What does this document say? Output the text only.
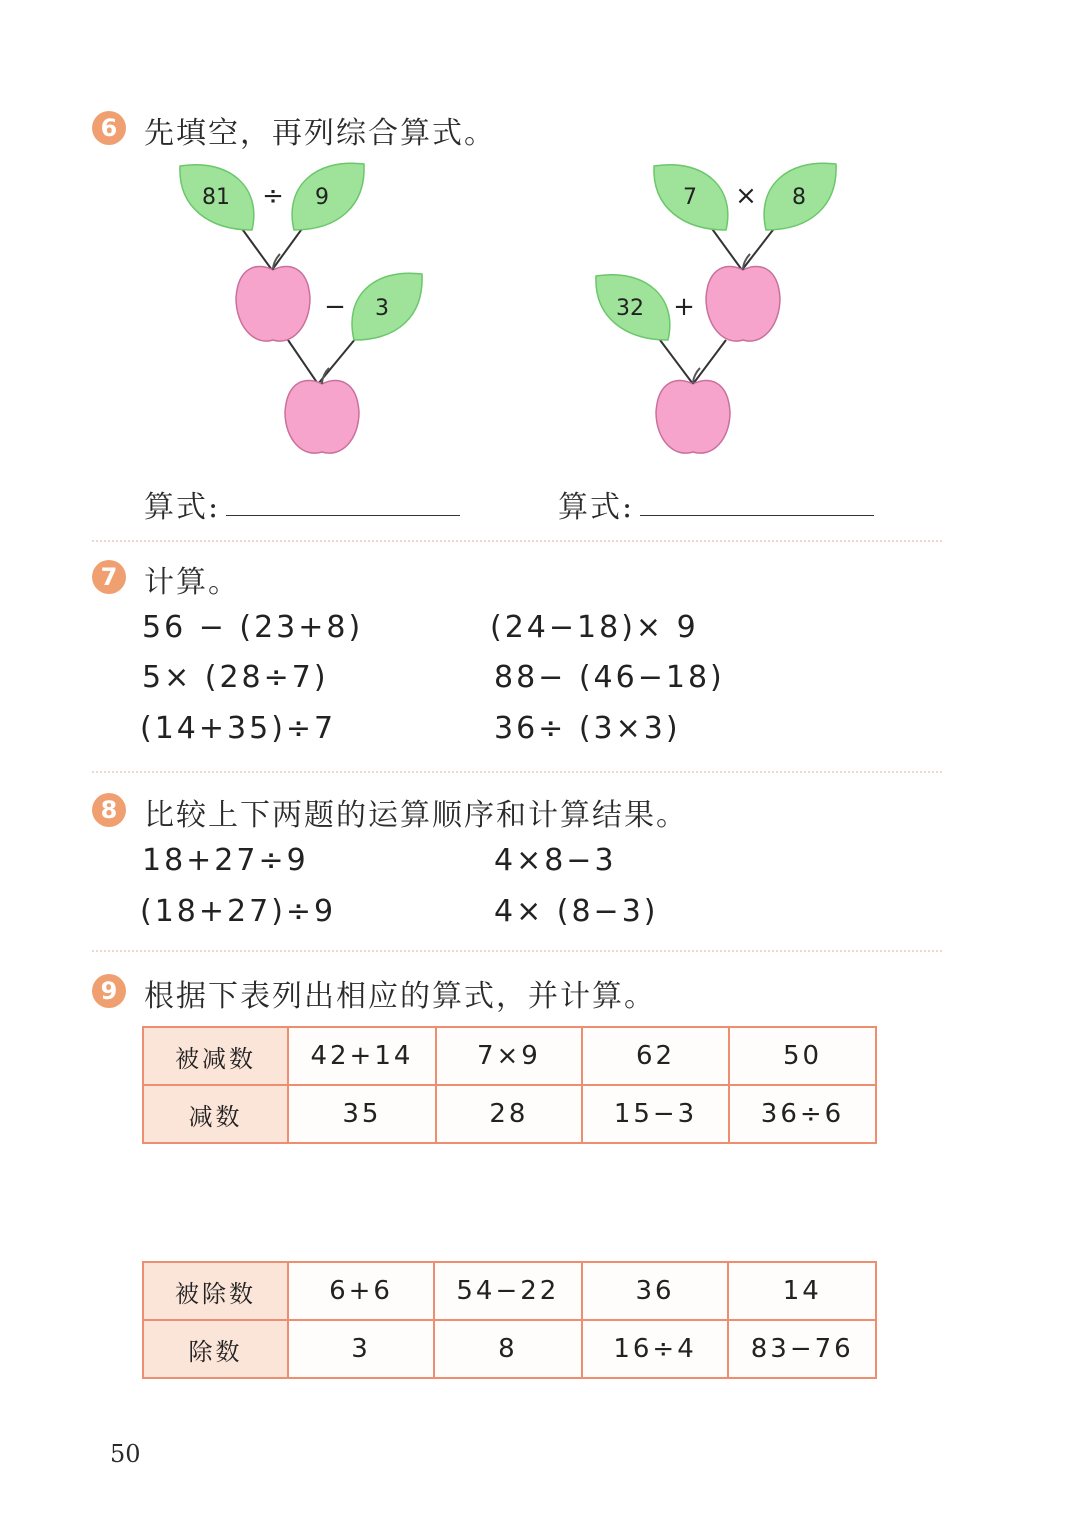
6 先填空，再列综合算式。
81 ÷ 9
− 3
7 × 8
32 +
算式:	算式:
7 计算。
56 − (23+8)
5× (28÷7)
(14+35)÷7
(24−18)× 9
88− (46−18)
36÷ (3×3)
8 比较上下两题的运算顺序和计算结果。
18+27÷9
(18+27)÷9
4×8−3
4× (8−3)
9 根据下表列出相应的算式，并计算。
被减数	42+14	7×9	62	50
减数	35	28	15−3	36÷6
被除数	6+6	54−22	36	14
除数	3	8	16÷4	83−76
50
